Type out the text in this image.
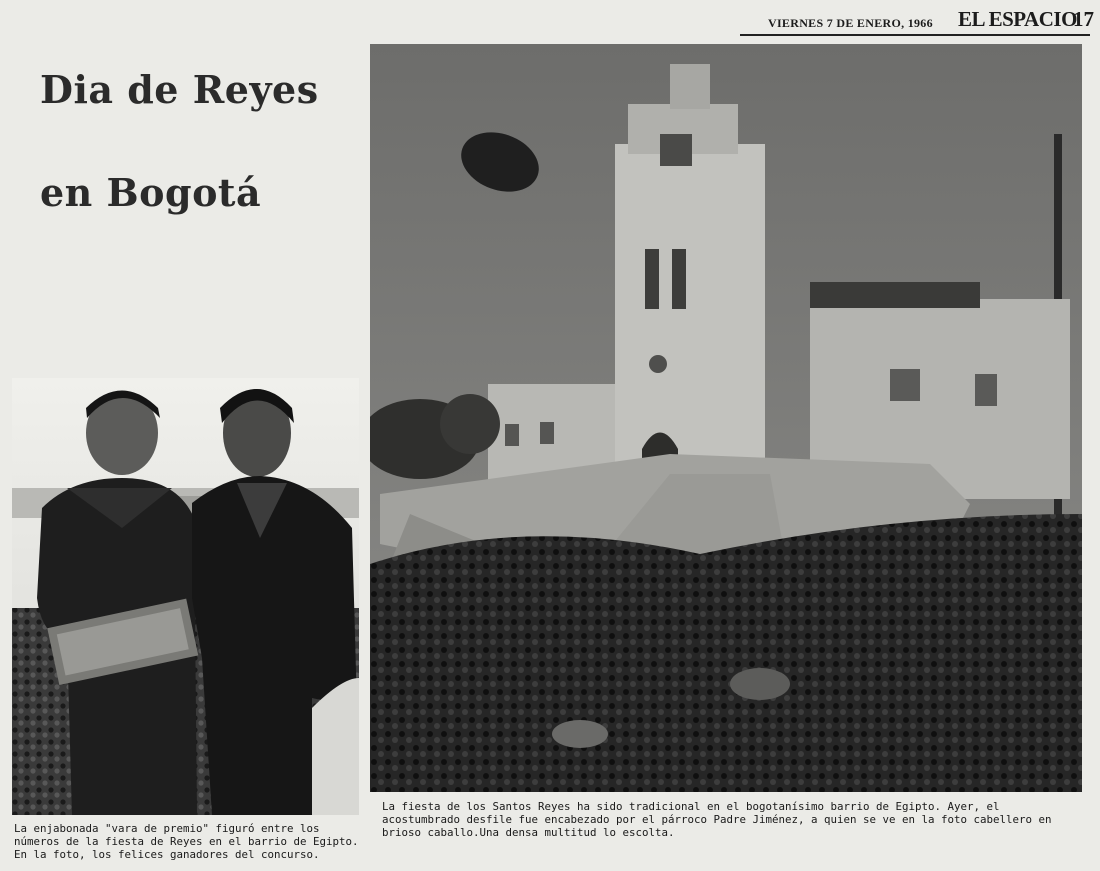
VIERNES 7 DE ENERO, 1966 EL ESPACIO
17
Dia de Reyes
en Bogotá
La enjabonada "vara de premio" figuró entre los números de la fiesta de Reyes en el barrio de Egipto. En la foto, los felices ganadores del concurso.
La fiesta de los Santos Reyes ha sido tradicional en el bogotanísimo barrio de Egipto. Ayer, el acostumbrado desfile fue encabezado por el párroco Padre Jiménez, a quien se ve en la foto cabellero en brioso caballo.Una densa multitud lo escolta.
